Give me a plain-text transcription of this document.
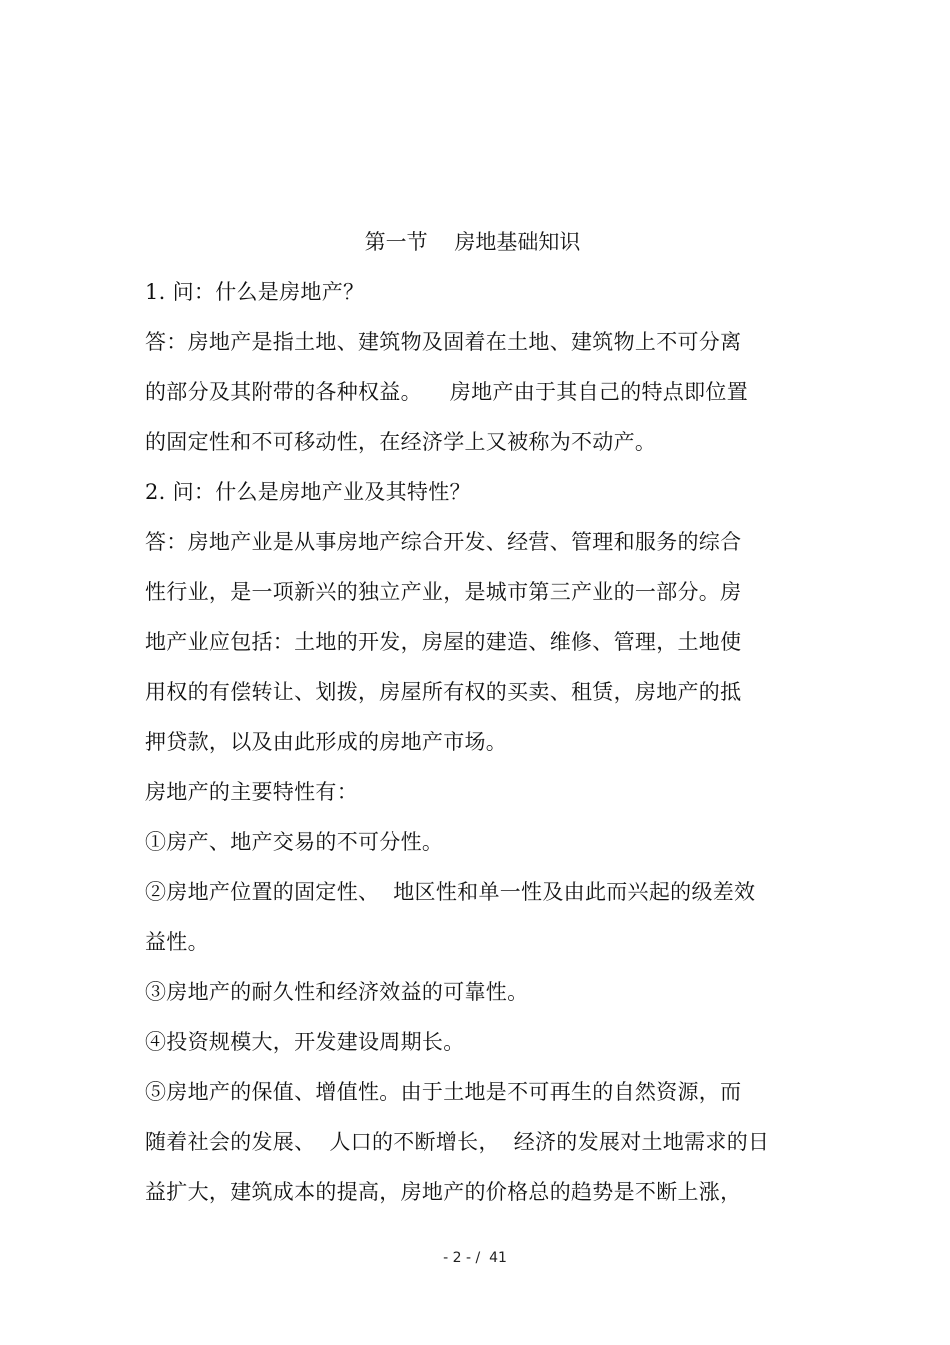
第一节    房地基础知识
1. 问：什么是房地产？
答：房地产是指土地、建筑物及固着在土地、建筑物上不可分离
的部分及其附带的各种权益。    房地产由于其自己的特点即位置
的固定性和不可移动性，在经济学上又被称为不动产。
2. 问：什么是房地产业及其特性？
答：房地产业是从事房地产综合开发、经营、管理和服务的综合
性行业，是一项新兴的独立产业，是城市第三产业的一部分。房
地产业应包括：土地的开发，房屋的建造、维修、管理，土地使
用权的有偿转让、划拨，房屋所有权的买卖、租赁，房地产的抵
押贷款，以及由此形成的房地产市场。
房地产的主要特性有：
①房产、地产交易的不可分性。
②房地产位置的固定性、  地区性和单一性及由此而兴起的级差效
益性。
③房地产的耐久性和经济效益的可靠性。
④投资规模大，开发建设周期长。
⑤房地产的保值、增值性。由于土地是不可再生的自然资源，而
随着社会的发展、  人口的不断增长，  经济的发展对土地需求的日
益扩大，建筑成本的提高，房地产的价格总的趋势是不断上涨，
- 2 - /  41
